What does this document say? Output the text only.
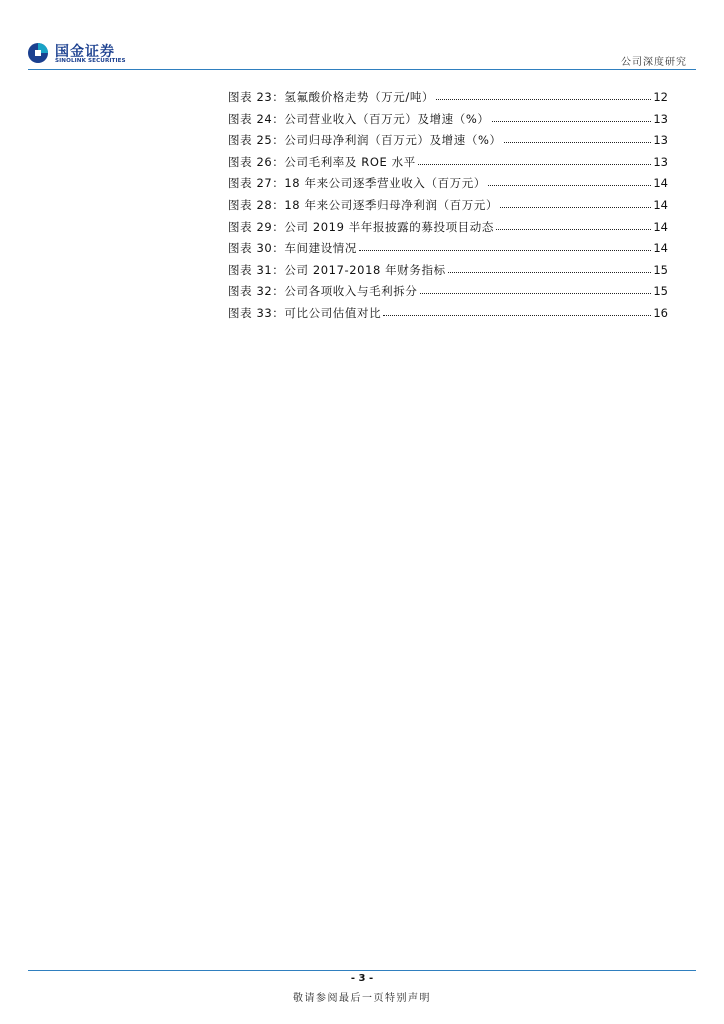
国金证券
SINOLINK SECURITIES	公司深度研究
图表 23：氢氟酸价格走势（万元/吨）	12
图表 24：公司营业收入（百万元）及增速（%）	13
图表 25：公司归母净利润（百万元）及增速（%）	13
图表 26：公司毛利率及 ROE 水平	13
图表 27：18 年来公司逐季营业收入（百万元）	14
图表 28：18 年来公司逐季归母净利润（百万元）	14
图表 29：公司 2019 半年报披露的募投项目动态	14
图表 30：车间建设情况	14
图表 31：公司 2017-2018 年财务指标	15
图表 32：公司各项收入与毛利拆分	15
图表 33：可比公司估值对比	16
- 3 -
敬请参阅最后一页特别声明
